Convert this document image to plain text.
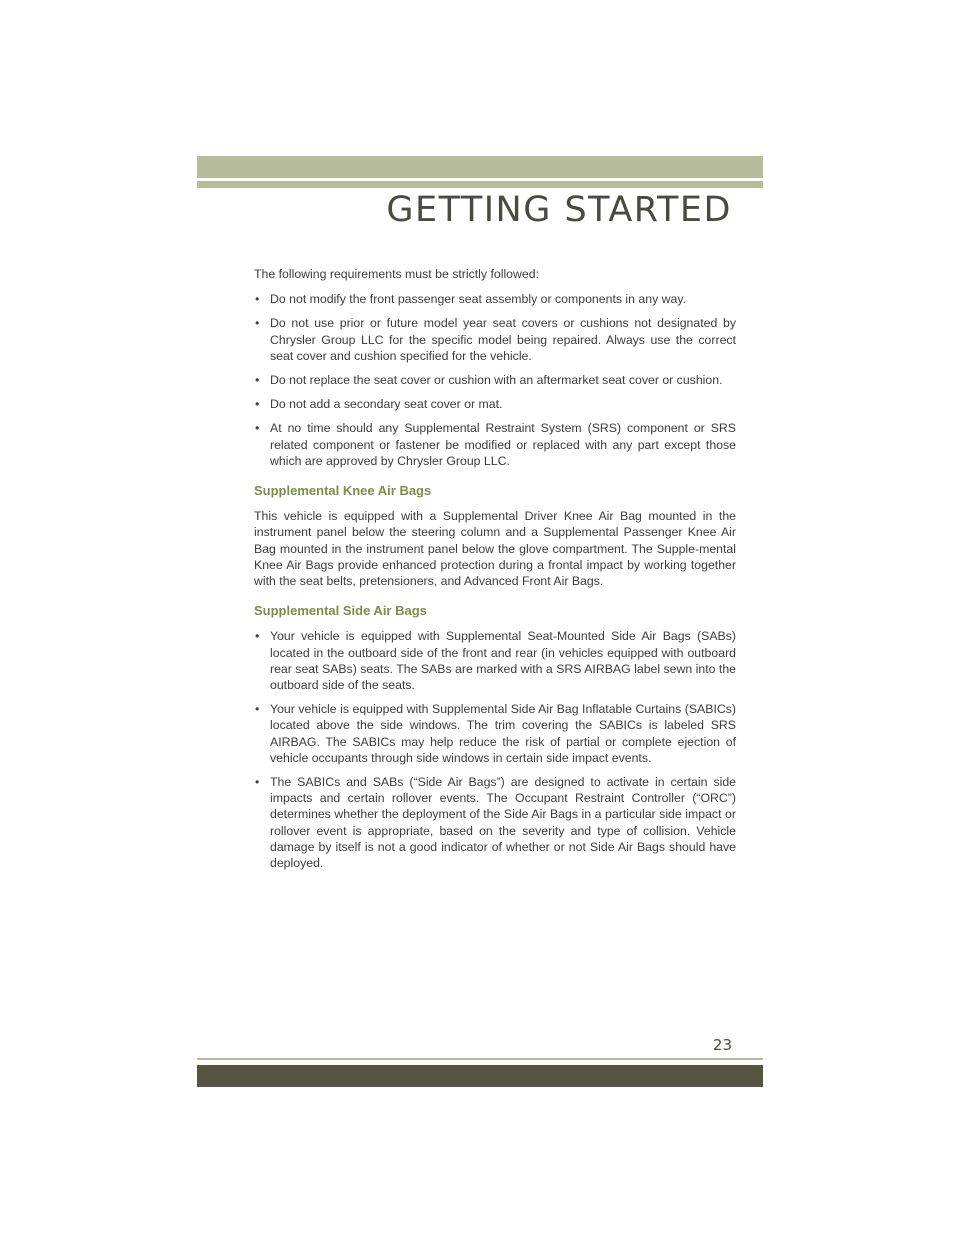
GETTING STARTED

The following requirements must be strictly followed:

• Do not modify the front passenger seat assembly or components in any way.
• Do not use prior or future model year seat covers or cushions not designated by Chrysler Group LLC for the specific model being repaired. Always use the correct seat cover and cushion specified for the vehicle.
• Do not replace the seat cover or cushion with an aftermarket seat cover or cushion.
• Do not add a secondary seat cover or mat.
• At no time should any Supplemental Restraint System (SRS) component or SRS related component or fastener be modified or replaced with any part except those which are approved by Chrysler Group LLC.
Supplemental Knee Air Bags

This vehicle is equipped with a Supplemental Driver Knee Air Bag mounted in the instrument panel below the steering column and a Supplemental Passenger Knee Air Bag mounted in the instrument panel below the glove compartment. The Supple-mental Knee Air Bags provide enhanced protection during a frontal impact by working together with the seat belts, pretensioners, and Advanced Front Air Bags.

Supplemental Side Air Bags
• Your vehicle is equipped with Supplemental Seat-Mounted Side Air Bags (SABs) located in the outboard side of the front and rear (in vehicles equipped with outboard rear seat SABs) seats. The SABs are marked with a SRS AIRBAG label sewn into the outboard side of the seats.
• Your vehicle is equipped with Supplemental Side Air Bag Inflatable Curtains (SABICs) located above the side windows. The trim covering the SABICs is labeled SRS AIRBAG. The SABICs may help reduce the risk of partial or complete ejection of vehicle occupants through side windows in certain side impact events.
• The SABICs and SABs (“Side Air Bags”) are designed to activate in certain side impacts and certain rollover events. The Occupant Restraint Controller (“ORC”) determines whether the deployment of the Side Air Bags in a particular side impact or rollover event is appropriate, based on the severity and type of collision. Vehicle damage by itself is not a good indicator of whether or not Side Air Bags should have deployed.
23
